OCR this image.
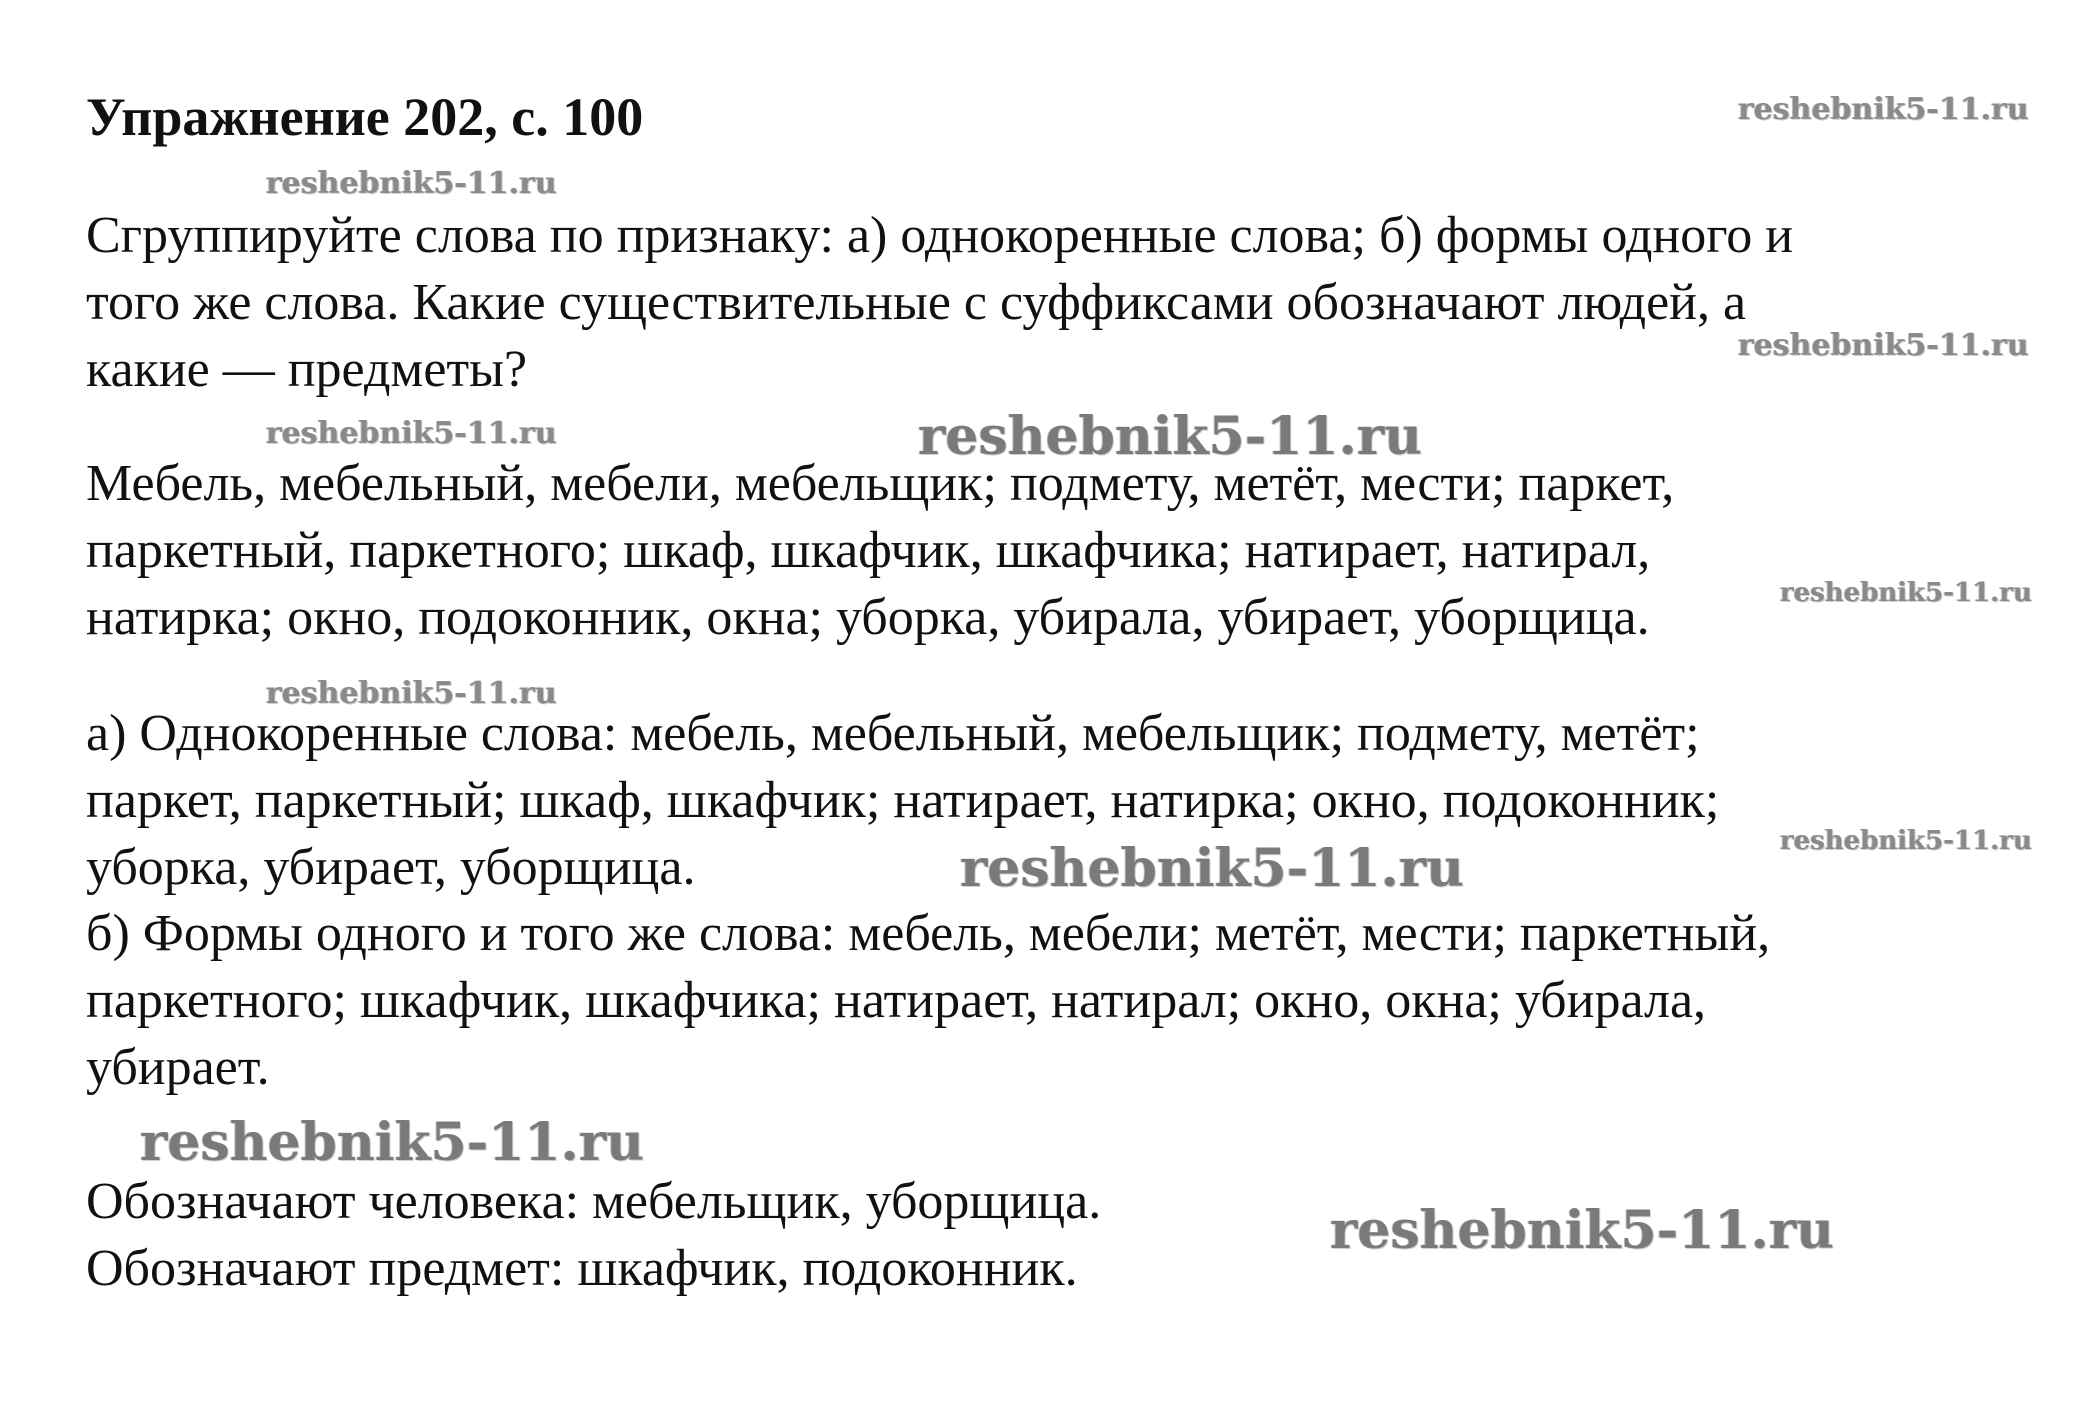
Упражнение 202, с. 100
Сгруппируйте слова по признаку: а) однокоренные слова; б) формы одного и
того же слова. Какие существительные с суффиксами обозначают людей, а
какие — предметы?
Мебель, мебельный, мебели, мебельщик; подмету, метёт, мести; паркет,
паркетный, паркетного; шкаф, шкафчик, шкафчика; натирает, натирал,
натирка; окно, подоконник, окна; уборка, убирала, убирает, уборщица.
а) Однокоренные слова: мебель, мебельный, мебельщик; подмету, метёт;
паркет, паркетный; шкаф, шкафчик; натирает, натирка; окно, подоконник;
уборка, убирает, уборщица.
б) Формы одного и того же слова: мебель, мебели; метёт, мести; паркетный,
паркетного; шкафчик, шкафчика; натирает, натирал; окно, окна; убирала,
убирает.
Обозначают человека: мебельщик, уборщица.
Обозначают предмет: шкафчик, подоконник.
reshebnik5-11.ru
reshebnik5-11.ru
reshebnik5-11.ru
reshebnik5-11.ru	reshebnik5-11.ru
reshebnik5-11.ru
reshebnik5-11.ru
reshebnik5-11.ru
reshebnik5-11.ru
reshebnik5-11.ru
reshebnik5-11.ru
